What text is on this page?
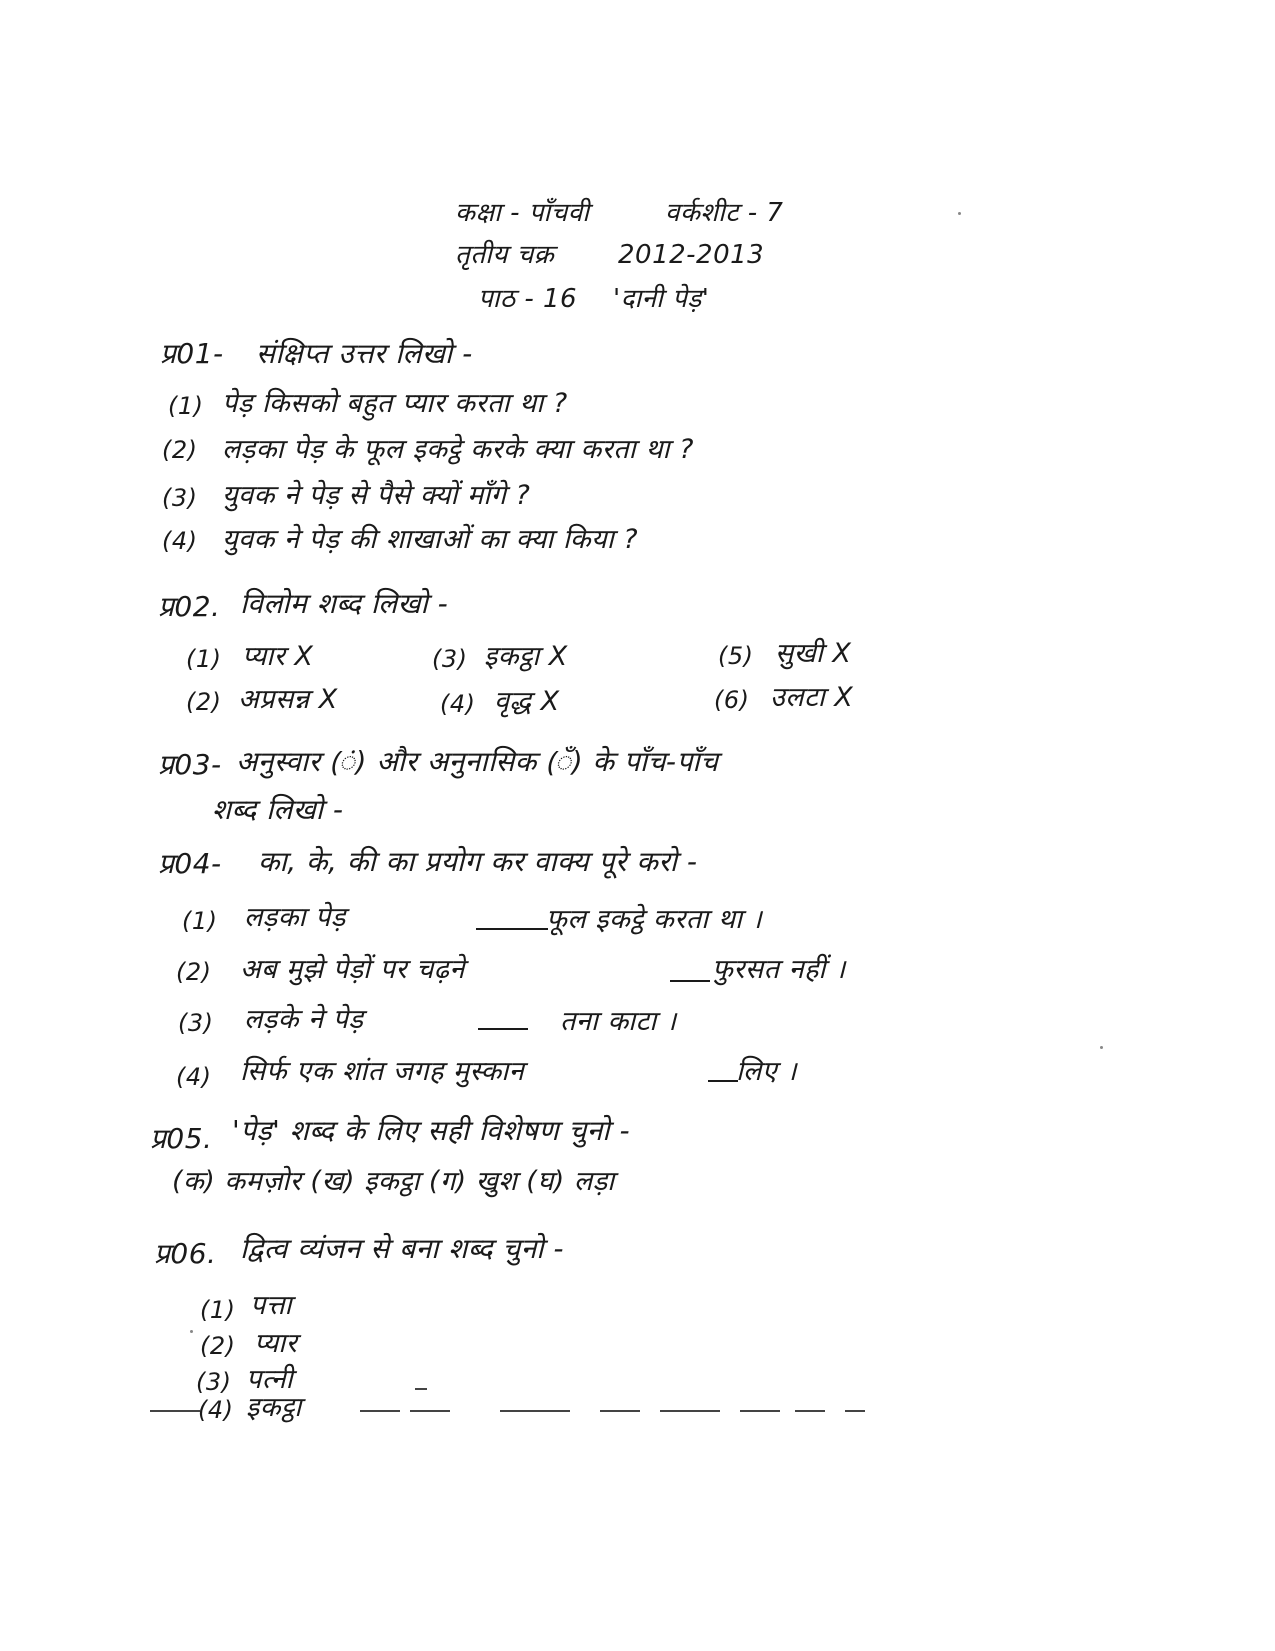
कक्षा - पाँचवी	वर्कशीट - 7
तृतीय चक्र 2012-2013
पाठ - 16 'दानी पेड़'
प्र01- संक्षिप्त उत्तर लिखो -
(1) पेड़ किसको बहुत प्यार करता था ?
(2) लड़का पेड़ के फूल इकट्ठे करके क्या करता था ?
(3) युवक ने पेड़ से पैसे क्यों माँगे ?
(4) युवक ने पेड़ की शाखाओं का क्या किया ?
प्र02. विलोम शब्द लिखो -
(1) प्यार X	(3) इकट्ठा X	(5) सुखी X
(2) अप्रसन्न X	(4) वृद्ध X	(6) उलटा X
प्र03- अनुस्वार (ं) और अनुनासिक (ँ) के पाँच-पाँच
शब्द लिखो -
प्र04- का, के, की का प्रयोग कर वाक्य पूरे करो -
(1) लड़का पेड़	फूल इकट्ठे करता था ।
(2) अब मुझे पेड़ों पर चढ़ने	फुरसत नहीं ।
(3) लड़के ने पेड़	तना काटा ।
(4) सिर्फ एक शांत जगह मुस्कान	लिए ।
प्र05. 'पेड़' शब्द के लिए सही विशेषण चुनो -
(क) कमज़ोर (ख) इकट्ठा (ग) खुश (घ) लड़ा
प्र06. द्वित्व व्यंजन से बना शब्द चुनो -
(1) पत्ता
(2) प्यार
(3) पत्नी
(4) इकट्ठा
